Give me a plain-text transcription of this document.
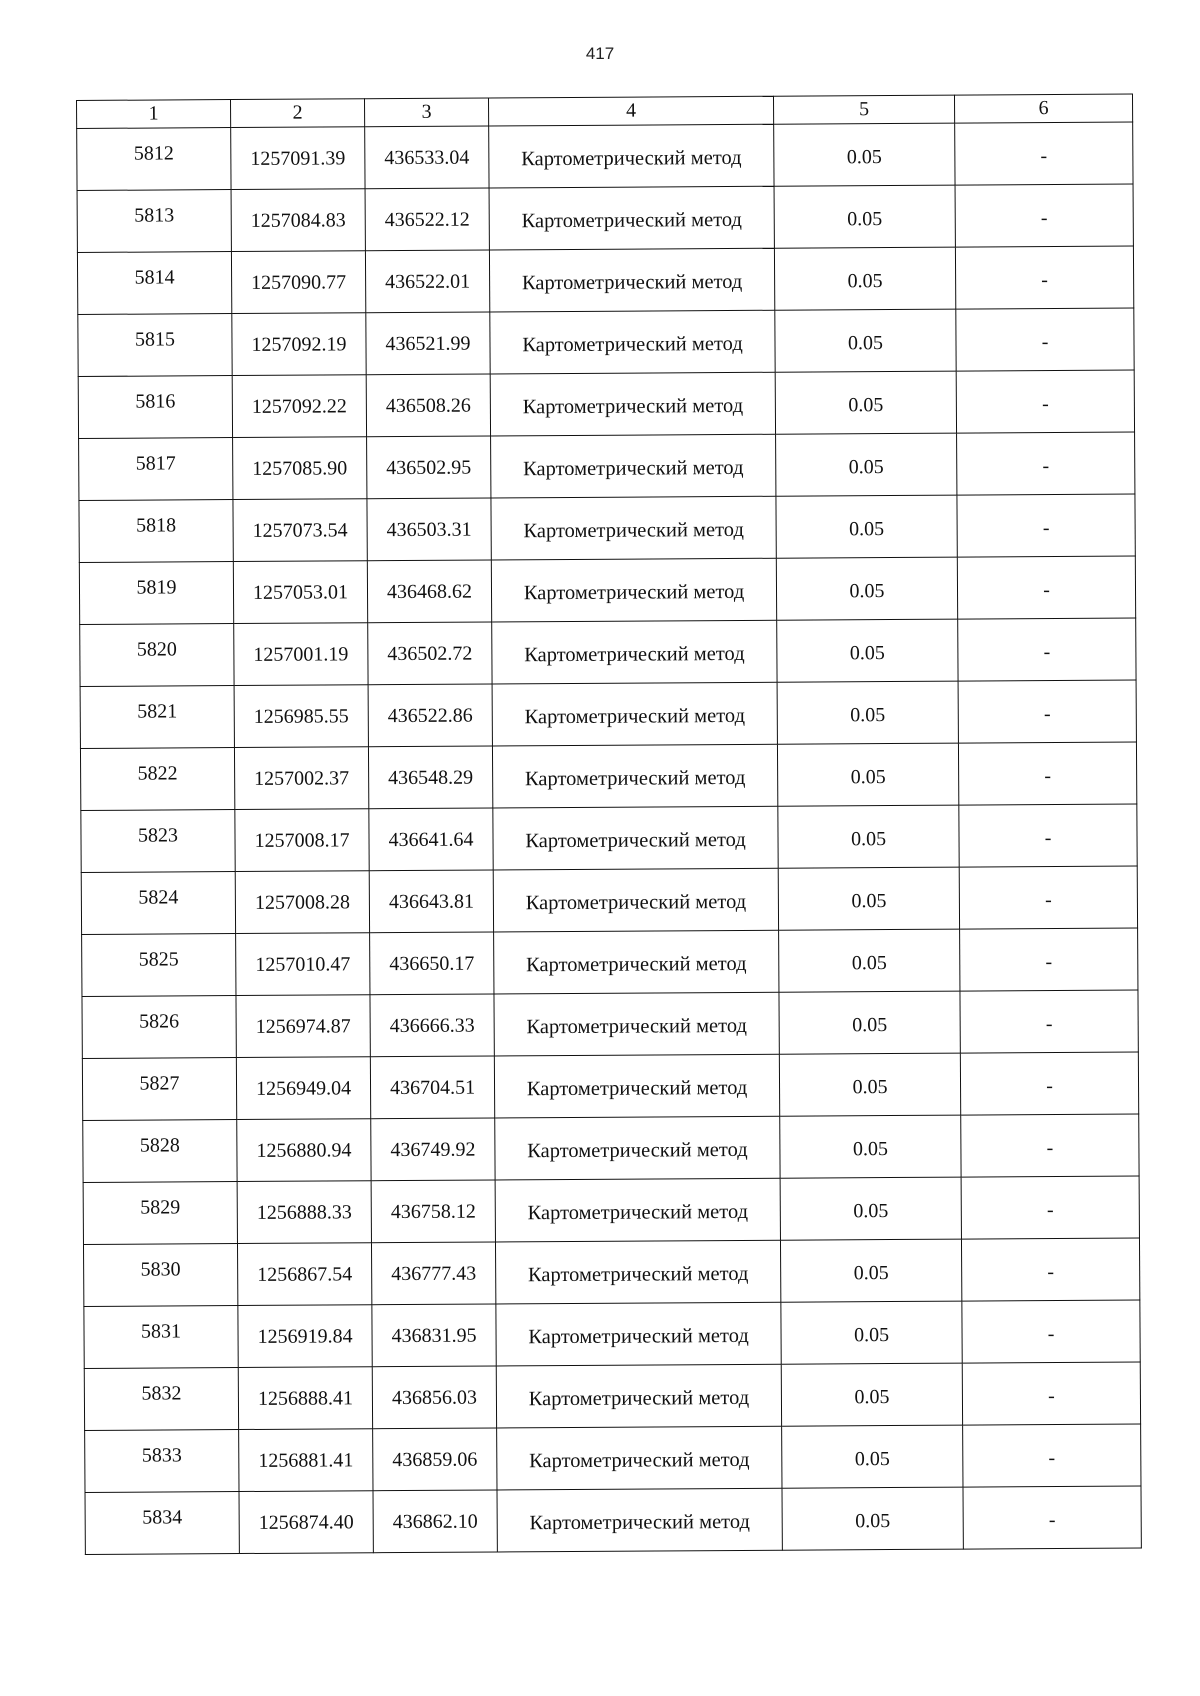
417
1	2	3	4	5	6
5812	1257091.39	436533.04	Картометрический метод	0.05	-
5813	1257084.83	436522.12	Картометрический метод	0.05	-
5814	1257090.77	436522.01	Картометрический метод	0.05	-
5815	1257092.19	436521.99	Картометрический метод	0.05	-
5816	1257092.22	436508.26	Картометрический метод	0.05	-
5817	1257085.90	436502.95	Картометрический метод	0.05	-
5818	1257073.54	436503.31	Картометрический метод	0.05	-
5819	1257053.01	436468.62	Картометрический метод	0.05	-
5820	1257001.19	436502.72	Картометрический метод	0.05	-
5821	1256985.55	436522.86	Картометрический метод	0.05	-
5822	1257002.37	436548.29	Картометрический метод	0.05	-
5823	1257008.17	436641.64	Картометрический метод	0.05	-
5824	1257008.28	436643.81	Картометрический метод	0.05	-
5825	1257010.47	436650.17	Картометрический метод	0.05	-
5826	1256974.87	436666.33	Картометрический метод	0.05	-
5827	1256949.04	436704.51	Картометрический метод	0.05	-
5828	1256880.94	436749.92	Картометрический метод	0.05	-
5829	1256888.33	436758.12	Картометрический метод	0.05	-
5830	1256867.54	436777.43	Картометрический метод	0.05	-
5831	1256919.84	436831.95	Картометрический метод	0.05	-
5832	1256888.41	436856.03	Картометрический метод	0.05	-
5833	1256881.41	436859.06	Картометрический метод	0.05	-
5834	1256874.40	436862.10	Картометрический метод	0.05	-
